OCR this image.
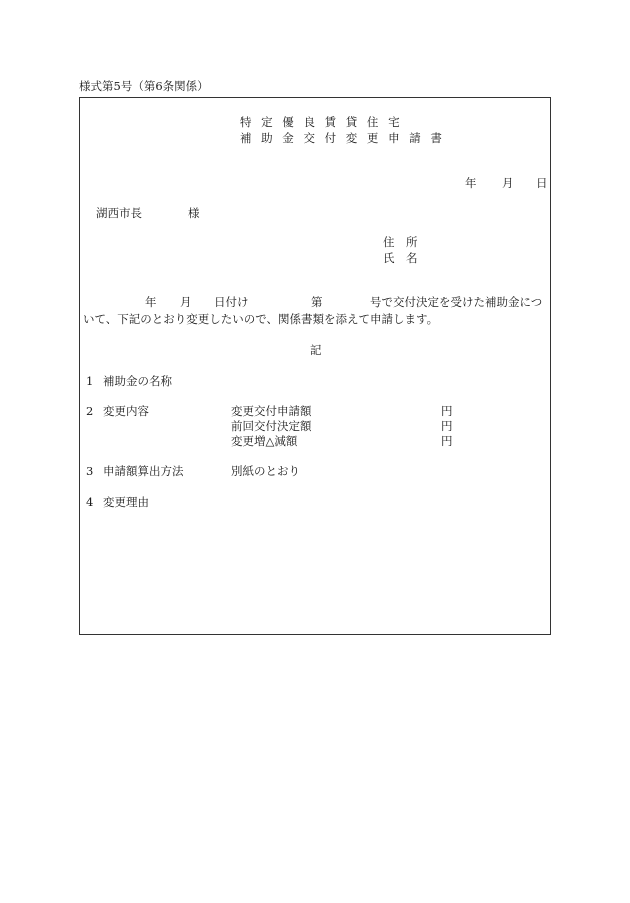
様式第5号（第6条関係）
特 定 優 良 賃 貸 住 宅
補 助 金 交 付 変 更 申 請 書
年 月 日
湖西市長	様
住　所
氏　名
年 月 日付け	第	号で交付決定を受けた補助金につ
いて、下記のとおり変更したいので、関係書類を添えて申請します。
記
1 補助金の名称
2 変更内容	変更交付申請額	円
前回交付決定額	円
変更増△減額	円
3 申請額算出方法	別紙のとおり
4 変更理由
